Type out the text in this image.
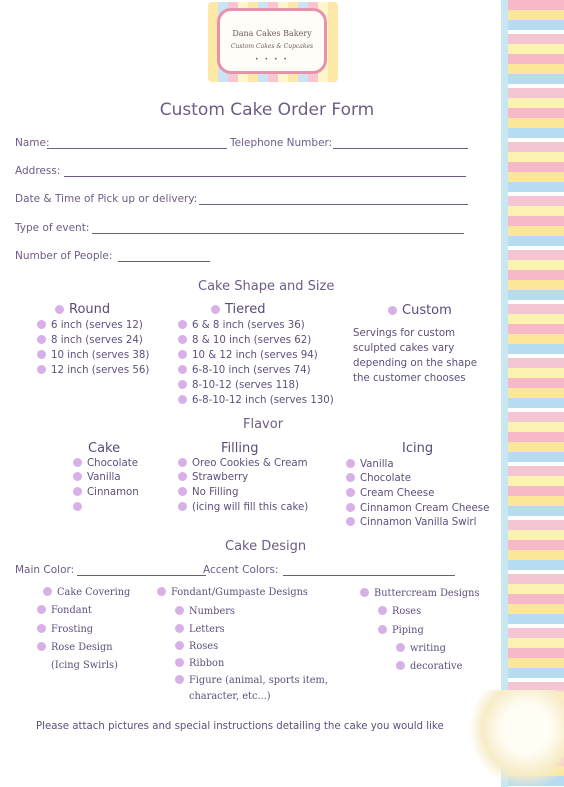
Dana Cakes Bakery
Custom Cakes & Cupcakes
• • • •
Custom Cake Order Form
Name:	Telephone Number:
Address:
Date & Time of Pick up or delivery:
Type of event:
Number of People:
Cake Shape and Size
Round
6 inch (serves 12)
8 inch (serves 24)
10 inch (serves 38)
12 inch (serves 56)
Tiered
6 & 8 inch (serves 36)
8 & 10 inch (serves 62)
10 & 12 inch (serves 94)
6-8-10 inch (serves 74)
8-10-12 (serves 118)
6-8-10-12 inch (serves 130)
Custom
Servings for custom
sculpted cakes vary
depending on the shape
the customer chooses
Flavor
Cake
Chocolate
Vanilla
Cinnamon
Filling
Oreo Cookies & Cream
Strawberry
No Filling
(icing will fill this cake)
Icing
Vanilla
Chocolate
Cream Cheese
Cinnamon Cream Cheese
Cinnamon Vanilla Swirl
Cake Design
Main Color:	Accent Colors:
Cake Covering
Fondant
Frosting
Rose Design
(Icing Swirls)
Fondant/Gumpaste Designs
Numbers
Letters
Roses
Ribbon
Figure (animal, sports item,
character, etc...)
Buttercream Designs
Roses
Piping
writing
decorative
Please attach pictures and special instructions detailing the cake you would like
